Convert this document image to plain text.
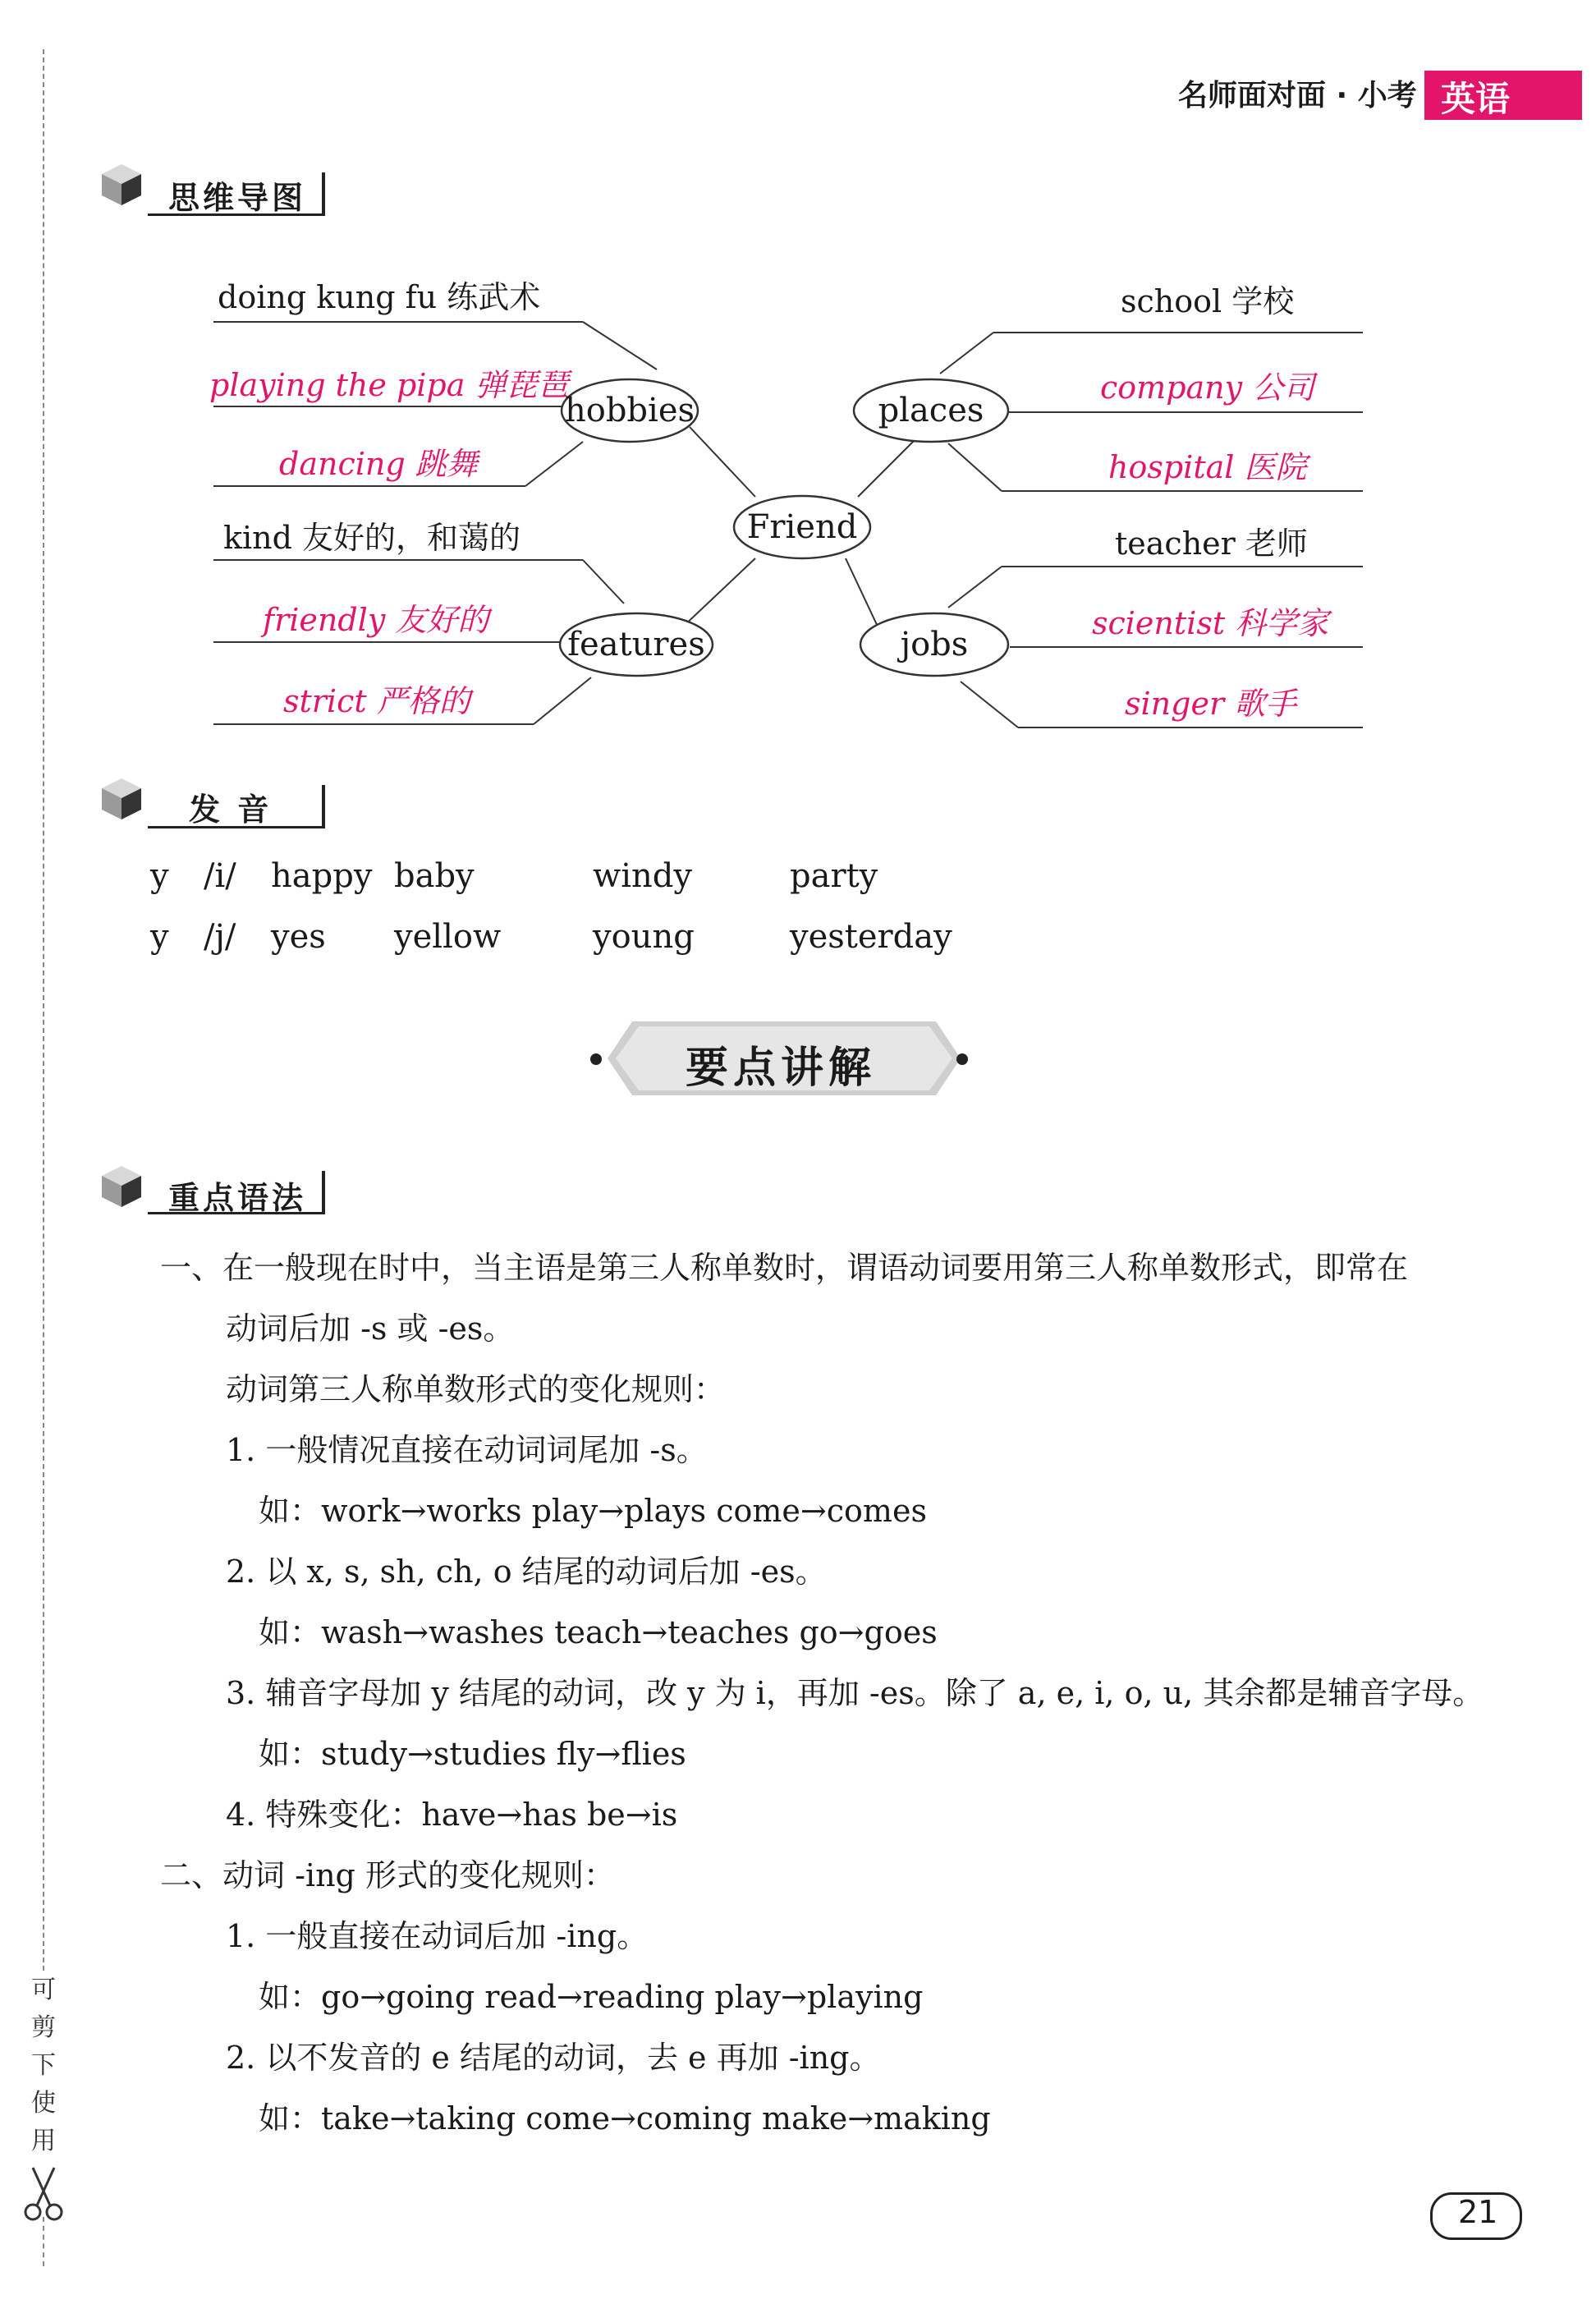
可
剪
下
使
用
名师面对面 · 小考 英语
思维导图
hobbies
Friend
places
features	jobs
doing kung fu 练武术
playing the pipa 弹琵琶
dancing 跳舞
kind 友好的，和蔼的
friendly 友好的
strict 严格的
school 学校
company 公司
hospital 医院
teacher 老师
scientist 科学家
singer 歌手
发 音
y /i/ happy baby	windy	party
y /j/ yes yellow	young	yesterday
要点讲解
重点语法
一、在一般现在时中，当主语是第三人称单数时，谓语动词要用第三人称单数形式，即常在
动词后加 -s 或 -es。
动词第三人称单数形式的变化规则：
1. 一般情况直接在动词词尾加 -s。
如：work→works play→plays come→comes
2. 以 x, s, sh, ch, o 结尾的动词后加 -es。
如：wash→washes teach→teaches go→goes
3. 辅音字母加 y 结尾的动词，改 y 为 i，再加 -es。除了 a, e, i, o, u, 其余都是辅音字母。
如：study→studies fly→flies
4. 特殊变化：have→has be→is
二、动词 -ing 形式的变化规则：
1. 一般直接在动词后加 -ing。
如：go→going read→reading play→playing
2. 以不发音的 e 结尾的动词，去 e 再加 -ing。
如：take→taking come→coming make→making
21
